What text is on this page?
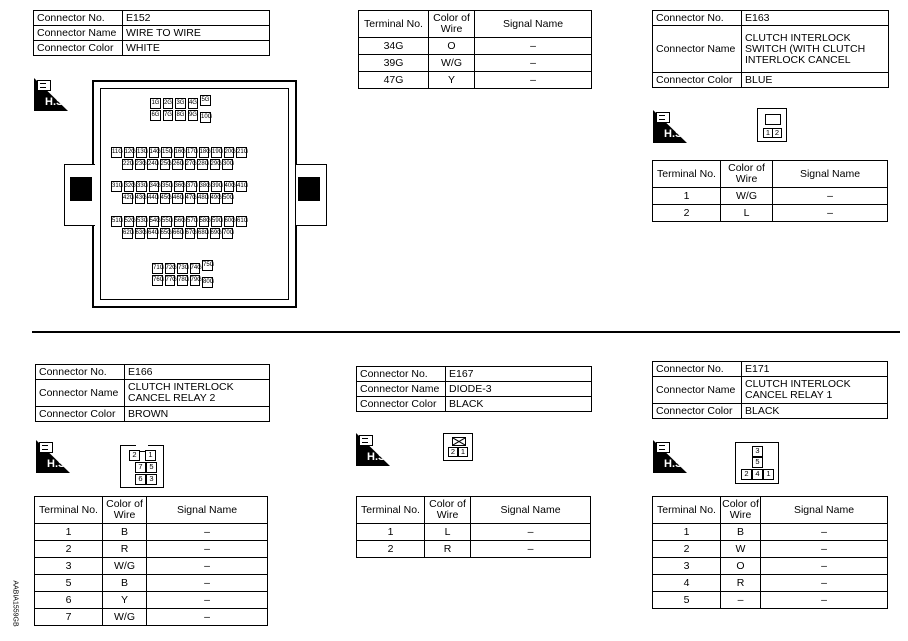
Connector No.	E152
Connector Name	WIRE TO WIRE
Connector Color	WHITE
H.S.	1G 2G 3G 4G 5G
6G 7G 8G 9G 10G
11G 12G 13G 14G 15G 16G 17G 18G 19G 20G 21G
22G 23G 24G 25G 26G 27G 28G 29G 30G
31G 32G 33G 34G 35G 36G 37G 38G 39G 40G 41G
42G 43G 44G 45G 46G 47G 48G 49G 50G
51G 52G 53G 54G 55G 56G 57G 58G 59G 60G 61G
62G 63G 64G 65G 66G 67G 68G 69G 70G
71G 72G 73G 74G 75G
76G 77G 78G 79G 80G
Terminal No.	Color of Wire	Signal Name
34G	O	–
39G	W/G	–
47G	Y	–
Connector No.	E163
Connector Name	CLUTCH INTERLOCK SWITCH (WITH CLUTCH INTERLOCK CANCEL
Connector Color	BLUE
H.S.	1 2
Terminal No.	Color of Wire	Signal Name
1	W/G	–
2	L	–
Connector No.	E166
Connector Name	CLUTCH INTERLOCK CANCEL RELAY 2
Connector Color	BROWN
H.S.
2	1
7 5
6 3
Terminal No.	Color of Wire	Signal Name
1	B	–
2	R	–
3	W/G	–
5	B	–
6	Y	–
7	W/G	–
Connector No.	E167
Connector Name	DIODE-3
Connector Color	BLACK
H.S.	2 1
Terminal No.	Color of Wire	Signal Name
1	L	–
2	R	–
Connector No.	E171
Connector Name	CLUTCH INTERLOCK CANCEL RELAY 1
Connector Color	BLACK
H.S.
3
5
2 4 1
Terminal No.	Color of Wire	Signal Name
1	B	–
2	W	–
3	O	–
4	R	–
5	–	–
AABIA1559GB
